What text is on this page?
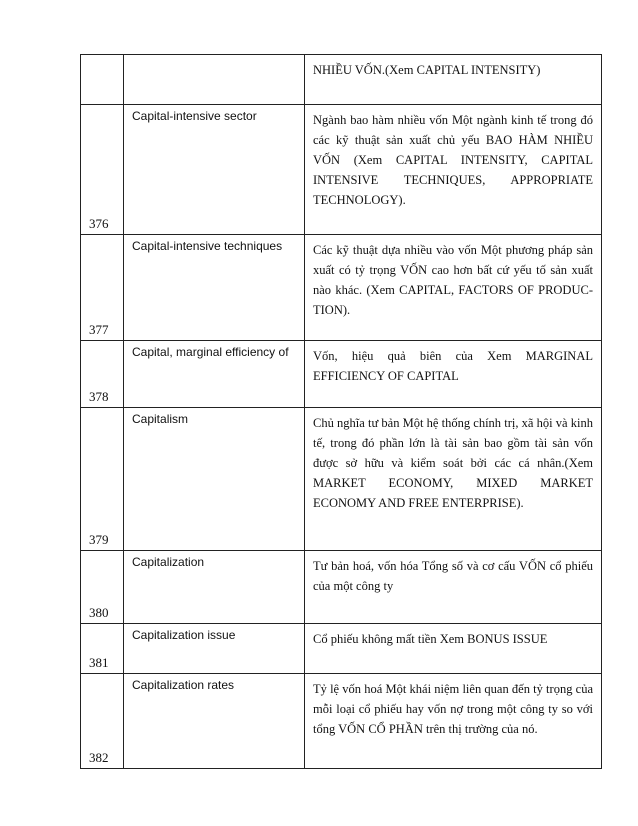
		NHIỀU VỐN.(Xem CAPITAL INTENSITY)

376	Capital-intensive sector	Ngành bao hàm nhiều vốn Một ngành kinh tế trong đó các kỹ thuật sản xuất chủ yếu BAO HÀM NHIỀU VỐN (Xem CAPITAL INTENSITY, CAPITAL INTENSIVE TECHNIQUES, APPROPRIATE TECHNOLOGY).

377	Capital-intensive techniques	Các kỹ thuật dựa nhiều vào vốn Một phương pháp sản xuất có tỷ trọng VỐN cao hơn bất cứ yếu tố sản xuất nào khác. (Xem CAPITAL, FACTORS OF PRODUC-TION).

378	Capital, marginal efficiency of	Vốn, hiệu quả biên của Xem MARGINAL EFFICIENCY OF CAPITAL

379	Capitalism	Chủ nghĩa tư bản Một hệ thống chính trị, xã hội và kinh tế, trong đó phần lớn là tài sản bao gồm tài sản vốn được sở hữu và kiểm soát bởi các cá nhân.(Xem MARKET ECONOMY, MIXED MARKET ECONOMY AND FREE ENTERPRISE).

380	Capitalization	Tư bản hoá, vốn hóa Tổng số và cơ cấu VỐN cổ phiếu của một công ty

381	Capitalization issue	Cổ phiếu không mất tiền Xem BONUS ISSUE

382	Capitalization rates	Tỷ lệ vốn hoá Một khái niệm liên quan đến tỷ trọng của mỗi loại cổ phiếu hay vốn nợ trong một công ty so với tổng VỐN CỔ PHẦN trên thị trường của nó.
